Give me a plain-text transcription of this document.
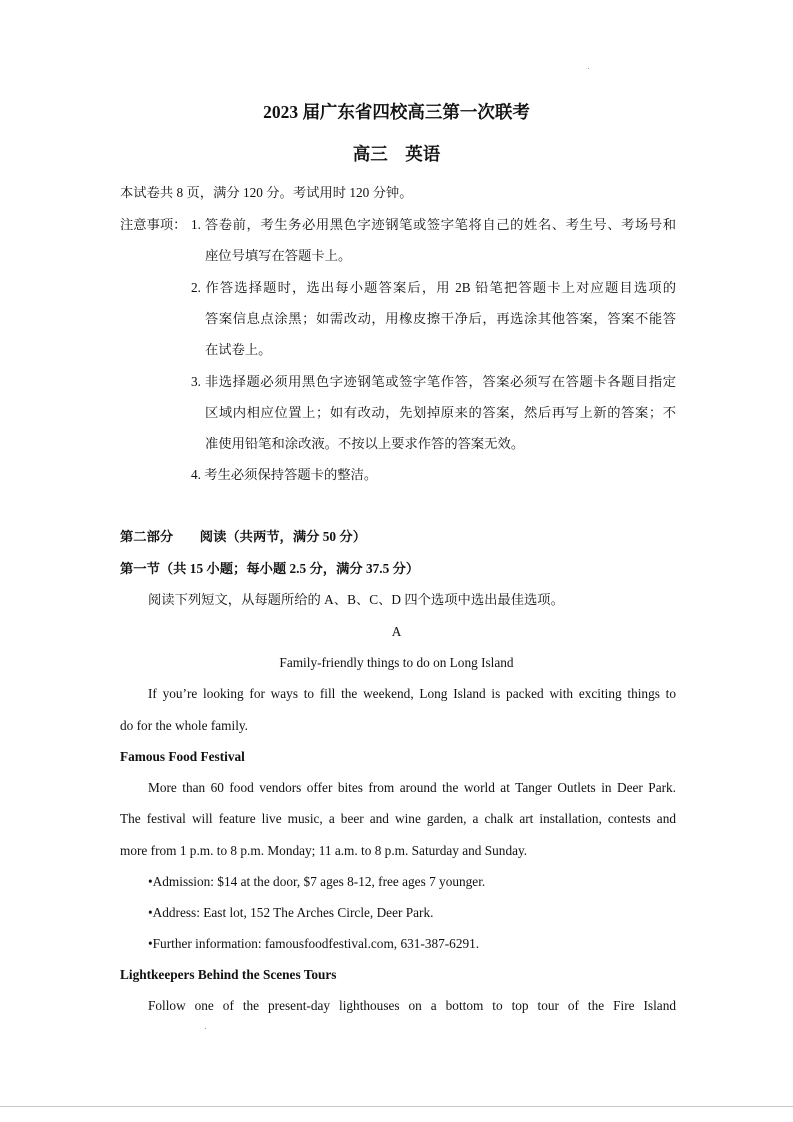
2023 届广东省四校高三第一次联考
高三　英语
本试卷共 8 页，满分 120 分。考试用时 120 分钟。
注意事项： 1. 答卷前，考生务必用黑色字迹钢笔或签字笔将自己的姓名、考生号、考场号和
座位号填写在答题卡上。
2. 作答选择题时，选出每小题答案后，用 2B 铅笔把答题卡上对应题目选项的
答案信息点涂黑；如需改动，用橡皮擦干净后，再选涂其他答案，答案不能答
在试卷上。
3. 非选择题必须用黑色字迹钢笔或签字笔作答，答案必须写在答题卡各题目指定
区域内相应位置上；如有改动，先划掉原来的答案，然后再写上新的答案；不
准使用铅笔和涂改液。不按以上要求作答的答案无效。
4. 考生必须保持答题卡的整洁。
第二部分　　阅读（共两节，满分 50 分）
第一节（共 15 小题；每小题 2.5 分，满分 37.5 分）
阅读下列短文，从每题所给的 A、B、C、D 四个选项中选出最佳选项。
A
Family-friendly things to do on Long Island
If you’re looking for ways to fill the weekend, Long Island is packed with exciting things to
do for the whole family.
Famous Food Festival
More than 60 food vendors offer bites from around the world at Tanger Outlets in Deer Park.
The festival will feature live music, a beer and wine garden, a chalk art installation, contests and
more from 1 p.m. to 8 p.m. Monday; 11 a.m. to 8 p.m. Saturday and Sunday.
•Admission: $14 at the door, $7 ages 8-12, free ages 7 younger.
•Address: East lot, 152 The Arches Circle, Deer Park.
•Further information: famousfoodfestival.com, 631-387-6291.
Lightkeepers Behind the Scenes Tours
Follow one of the present-day lighthouses on a bottom to top tour of the Fire Island
